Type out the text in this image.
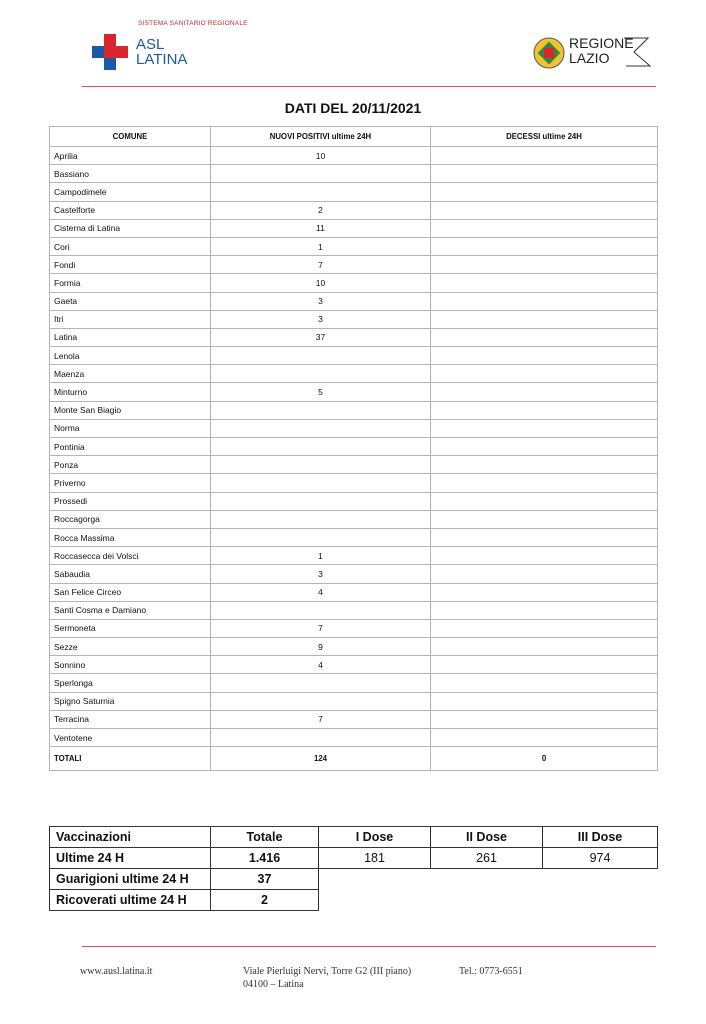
SISTEMA SANITARIO REGIONALE
ASL
LATINA
REGIONE
LAZIO
DATI DEL 20/11/2021
COMUNE	NUOVI POSITIVI ultime 24H	DECESSI ultime 24H
Aprilia	10	
Bassiano		
Campodimele		
Castelforte	2	
Cisterna di Latina	11	
Cori	1	
Fondi	7	
Formia	10	
Gaeta	3	
Itri	3	
Latina	37	
Lenola		
Maenza		
Minturno	5	
Monte San Biagio		
Norma		
Pontinia		
Ponza		
Priverno		
Prossedi		
Roccagorga		
Rocca Massima		
Roccasecca dei Volsci	1	
Sabaudia	3	
San Felice Circeo	4	
Santi Cosma e Damiano		
Sermoneta	7	
Sezze	9	
Sonnino	4	
Sperlonga		
Spigno Saturnia		
Terracina	7	
Ventotene		
TOTALI	124	0
Vaccinazioni	Totale	I Dose	II Dose	III Dose
Ultime 24 H	1.416	181	261	974
Guarigioni ultime 24 H	37			
Ricoverati ultime 24 H	2			
www.ausl.latina.it	Viale Pierluigi Nervi, Torre G2 (III piano)
04100 – Latina
Tel.: 0773-6551
